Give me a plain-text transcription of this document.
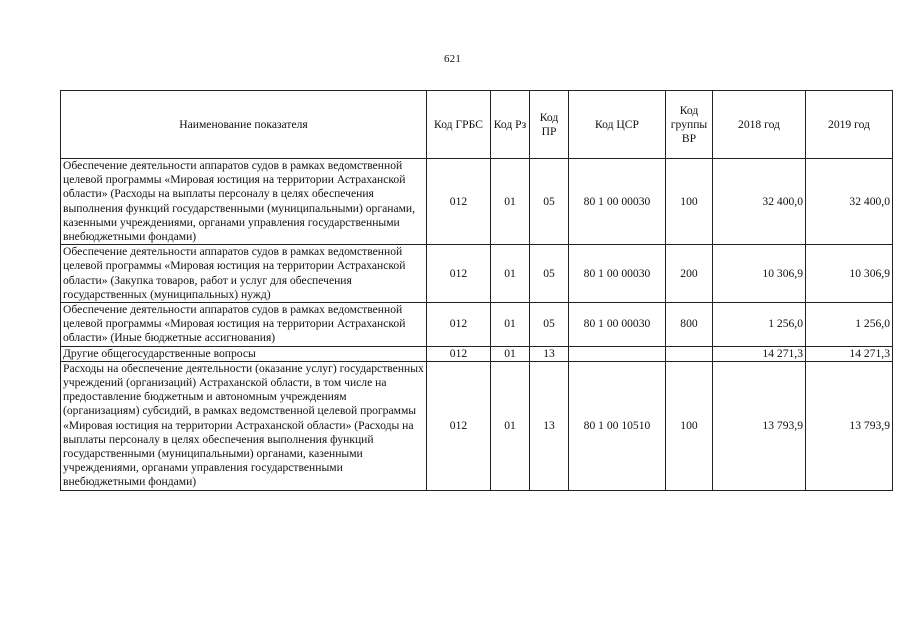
621
Наименование показателя	Код ГРБС	Код Рз	Код ПР	Код ЦСР	Код группы ВР	2018 год	2019 год
Обеспечение деятельности аппаратов судов в рамках ведомственной целевой программы «Мировая юстиция на территории Астраханской области» (Расходы на выплаты персоналу в целях обеспечения выполнения функций государственными (муниципальными) органами, казенными учреждениями, органами управления государственными внебюджетными фондами)	012	01	05	80 1 00 00030	100	32 400,0	32 400,0
Обеспечение деятельности аппаратов судов в рамках ведомственной целевой программы «Мировая юстиция на территории Астраханской области» (Закупка товаров, работ и услуг для обеспечения государственных (муниципальных) нужд)	012	01	05	80 1 00 00030	200	10 306,9	10 306,9
Обеспечение деятельности аппаратов судов в рамках ведомственной целевой программы «Мировая юстиция на территории Астраханской области» (Иные бюджетные ассигнования)	012	01	05	80 1 00 00030	800	1 256,0	1 256,0
Другие общегосударственные вопросы	012	01	13			14 271,3	14 271,3
Расходы на обеспечение деятельности (оказание услуг) государственных учреждений (организаций) Астраханской области, в том числе на предоставление бюджетным и автономным учреждениям (организациям) субсидий, в рамках ведомственной целевой программы «Мировая юстиция на территории Астраханской области» (Расходы на выплаты персоналу в целях обеспечения выполнения функций государственными (муниципальными) органами, казенными учреждениями, органами управления государственными внебюджетными фондами)	012	01	13	80 1 00 10510	100	13 793,9	13 793,9
